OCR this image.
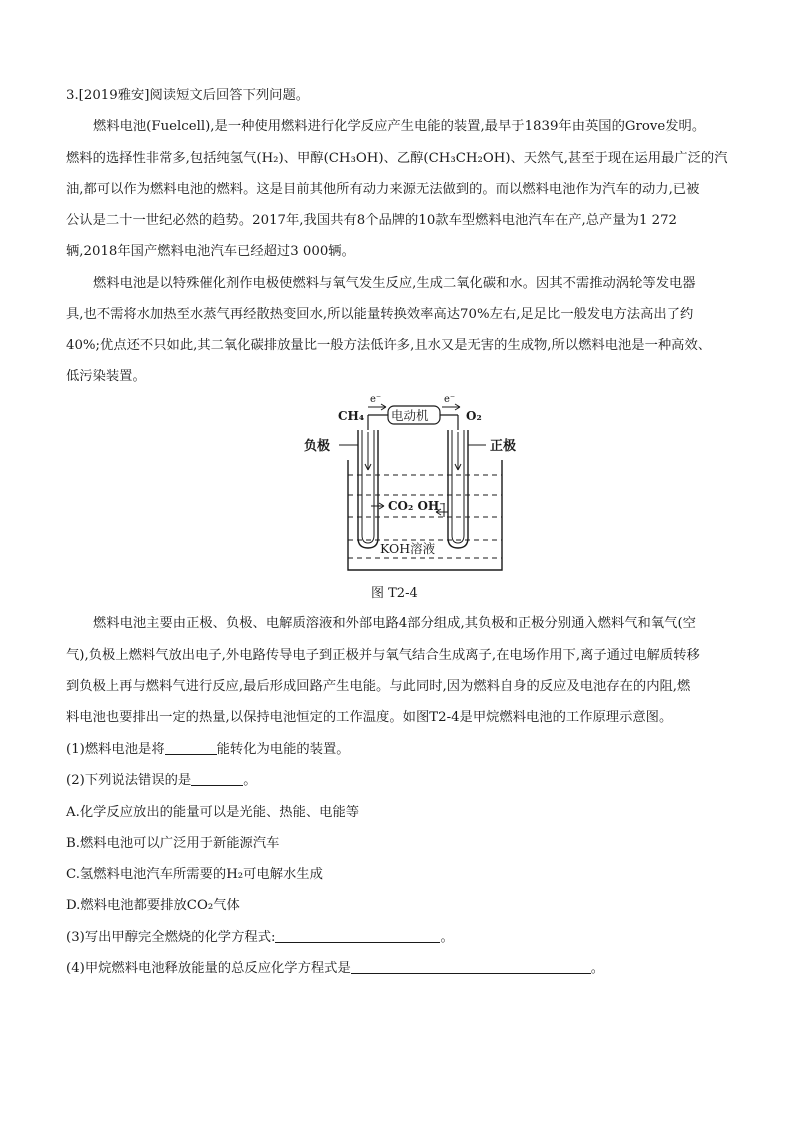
3.[2019雅安]阅读短文后回答下列问题。
燃料电池(Fuelcell),是一种使用燃料进行化学反应产生电能的装置,最早于1839年由英国的Grove发明。
燃料的选择性非常多,包括纯氢气(H₂)、甲醇(CH₃OH)、乙醇(CH₃CH₂OH)、天然气,甚至于现在运用最广泛的汽
油,都可以作为燃料电池的燃料。这是目前其他所有动力来源无法做到的。而以燃料电池作为汽车的动力,已被
公认是二十一世纪必然的趋势。2017年,我国共有8个品牌的10款车型燃料电池汽车在产,总产量为1 272
辆,2018年国产燃料电池汽车已经超过3 000辆。
燃料电池是以特殊催化剂作电极使燃料与氧气发生反应,生成二氧化碳和水。因其不需推动涡轮等发电器
具,也不需将水加热至水蒸气再经散热变回水,所以能量转换效率高达70%左右,足足比一般发电方法高出了约
40%;优点还不只如此,其二氧化碳排放量比一般方法低许多,且水又是无害的生成物,所以燃料电池是一种高效、
低污染装置。
CH₄	O₂
e⁻	e⁻
电动机
负极	正极
CO₂ OH⁻
KOH溶液
图 T2-4
燃料电池主要由正极、负极、电解质溶液和外部电路4部分组成,其负极和正极分别通入燃料气和氧气(空
气),负极上燃料气放出电子,外电路传导电子到正极并与氧气结合生成离子,在电场作用下,离子通过电解质转移
到负极上再与燃料气进行反应,最后形成回路产生电能。与此同时,因为燃料自身的反应及电池存在的内阻,燃
料电池也要排出一定的热量,以保持电池恒定的工作温度。如图T2-4是甲烷燃料电池的工作原理示意图。
(1)燃料电池是将	能转化为电能的装置。
(2)下列说法错误的是	。
A.化学反应放出的能量可以是光能、热能、电能等
B.燃料电池可以广泛用于新能源汽车
C.氢燃料电池汽车所需要的H₂可电解水生成
D.燃料电池都要排放CO₂气体
(3)写出甲醇完全燃烧的化学方程式:	。
(4)甲烷燃料电池释放能量的总反应化学方程式是	。
